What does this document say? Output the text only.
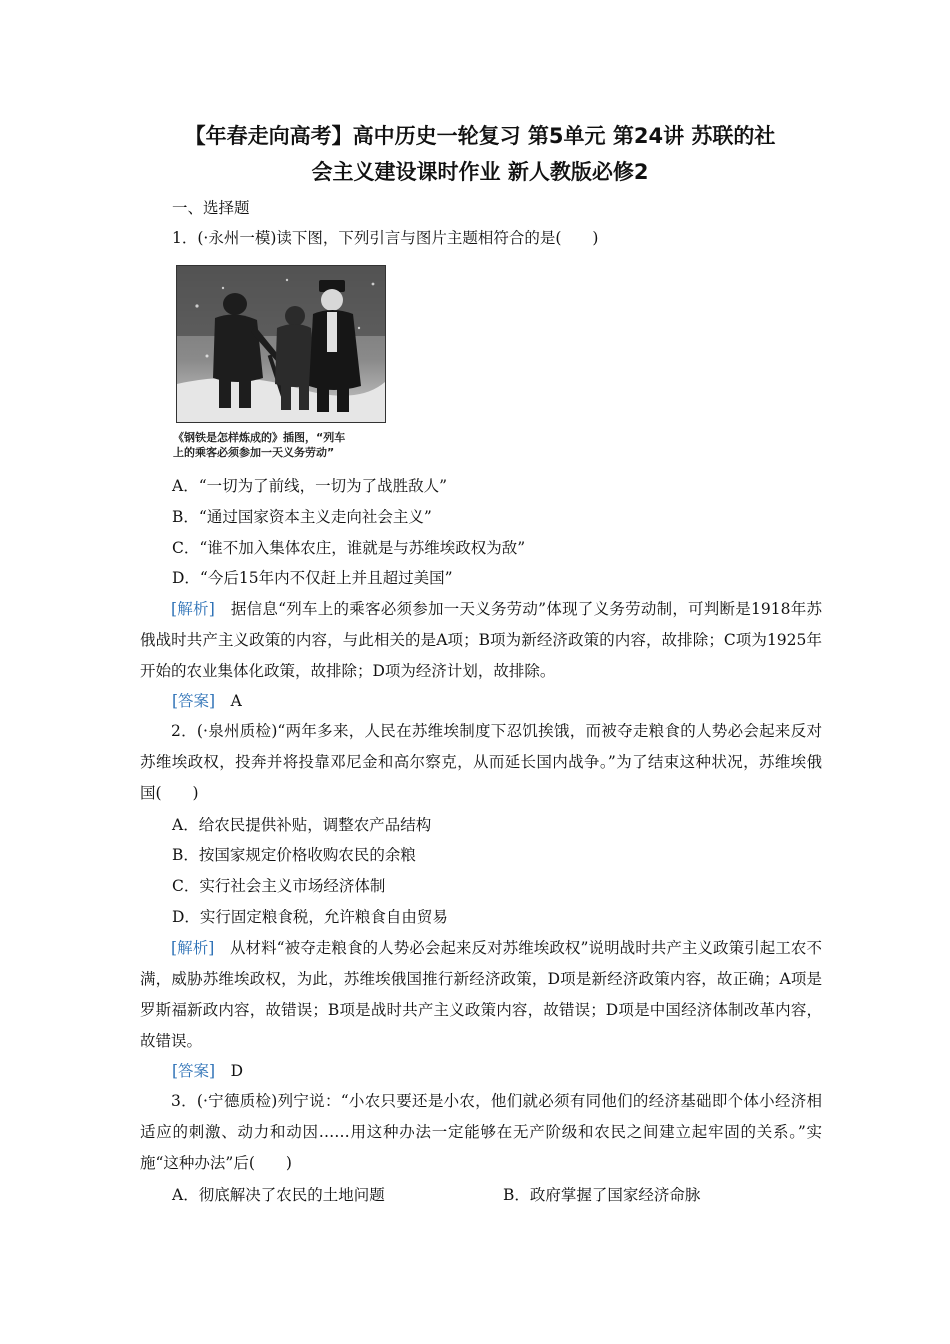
【年春走向高考】高中历史一轮复习 第5单元 第24讲 苏联的社
会主义建设课时作业 新人教版必修2
一、选择题
1．(·永州一模)读下图，下列引言与图片主题相符合的是(　　)
《钢铁是怎样炼成的》插图，“列车
上的乘客必须参加一天义务劳动”
A．“一切为了前线，一切为了战胜敌人”
B．“通过国家资本主义走向社会主义”
C．“谁不加入集体农庄，谁就是与苏维埃政权为敌”
D．“今后15年内不仅赶上并且超过美国”
[解析]　据信息“列车上的乘客必须参加一天义务劳动”体现了义务劳动制，可判断是1918年苏俄战时共产主义政策的内容，与此相关的是A项；B项为新经济政策的内容，故排除；C项为1925年开始的农业集体化政策，故排除；D项为经济计划，故排除。
[答案]　A
2．(·泉州质检)“两年多来，人民在苏维埃制度下忍饥挨饿，而被夺走粮食的人势必会起来反对苏维埃政权，投奔并将投靠邓尼金和高尔察克，从而延长国内战争。”为了结束这种状况，苏维埃俄国(　　)
A．给农民提供补贴，调整农产品结构
B．按国家规定价格收购农民的余粮
C．实行社会主义市场经济体制
D．实行固定粮食税，允许粮食自由贸易
[解析]　从材料“被夺走粮食的人势必会起来反对苏维埃政权”说明战时共产主义政策引起工农不满，威胁苏维埃政权，为此，苏维埃俄国推行新经济政策，D项是新经济政策内容，故正确；A项是罗斯福新政内容，故错误；B项是战时共产主义政策内容，故错误；D项是中国经济体制改革内容，故错误。
[答案]　D
3．(·宁德质检)列宁说：“小农只要还是小农，他们就必须有同他们的经济基础即个体小经济相适应的刺激、动力和动因……用这种办法一定能够在无产阶级和农民之间建立起牢固的关系。”实施“这种办法”后(　　)
A．彻底解决了农民的土地问题	B．政府掌握了国家经济命脉
